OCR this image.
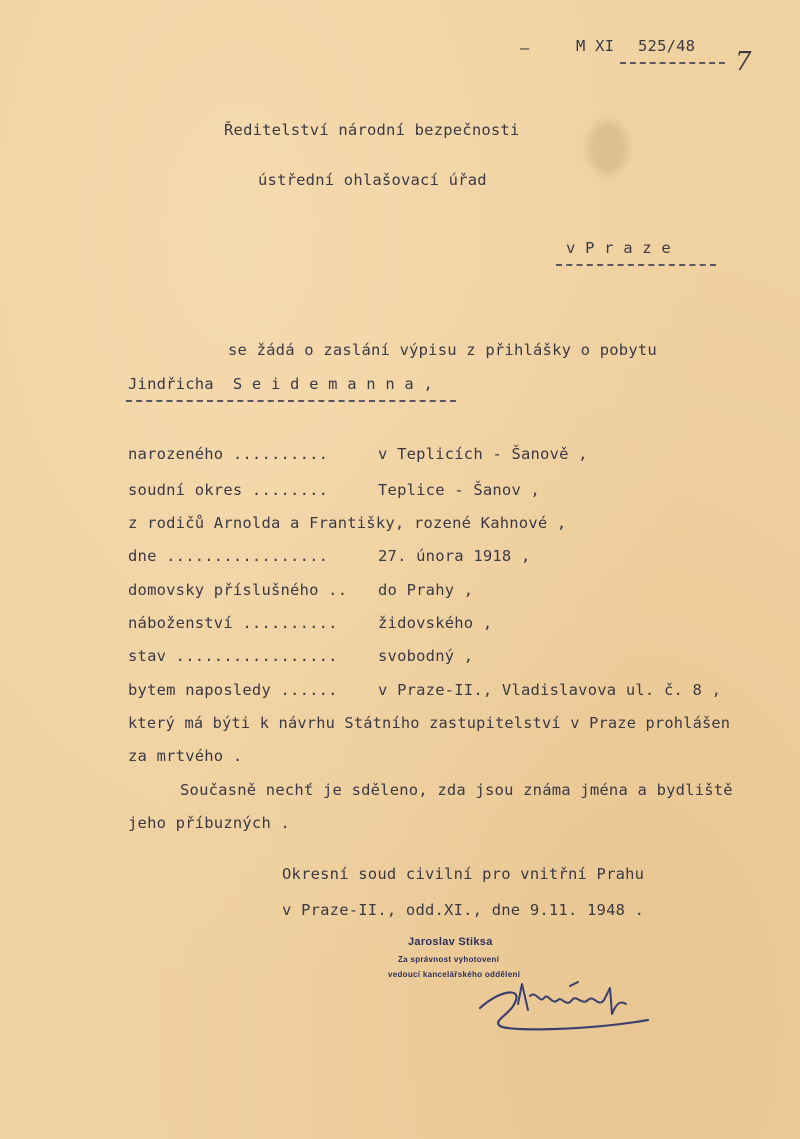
—	M XI 525/48
7
Ředitelství národní bezpečnosti
ústřední ohlašovací úřad
v P r a z e
se žádá o zaslání výpisu z přihlášky o pobytu
Jindřicha  S e i d e m a n n a ,
narozeného ..........	v Teplicích - Šanově ,
soudní okres ........	Teplice - Šanov ,
z rodičů Arnolda a Františky, rozené Kahnové ,
dne .................	27. února 1918 ,
domovsky příslušného .. do Prahy ,
náboženství ..........	židovského ,
stav .................	svobodný ,
bytem naposledy ......	v Praze-II., Vladislavova ul. č. 8 ,
který má býti k návrhu Státního zastupitelství v Praze prohlášen
za mrtvého .
Současně nechť je sděleno, zda jsou známa jména a bydliště
jeho příbuzných .
Okresní soud civilní pro vnitřní Prahu
v Praze-II., odd.XI., dne 9.11. 1948 .
Jaroslav Stiksa
Za správnost vyhotovení
vedoucí kancelářského oddělení
